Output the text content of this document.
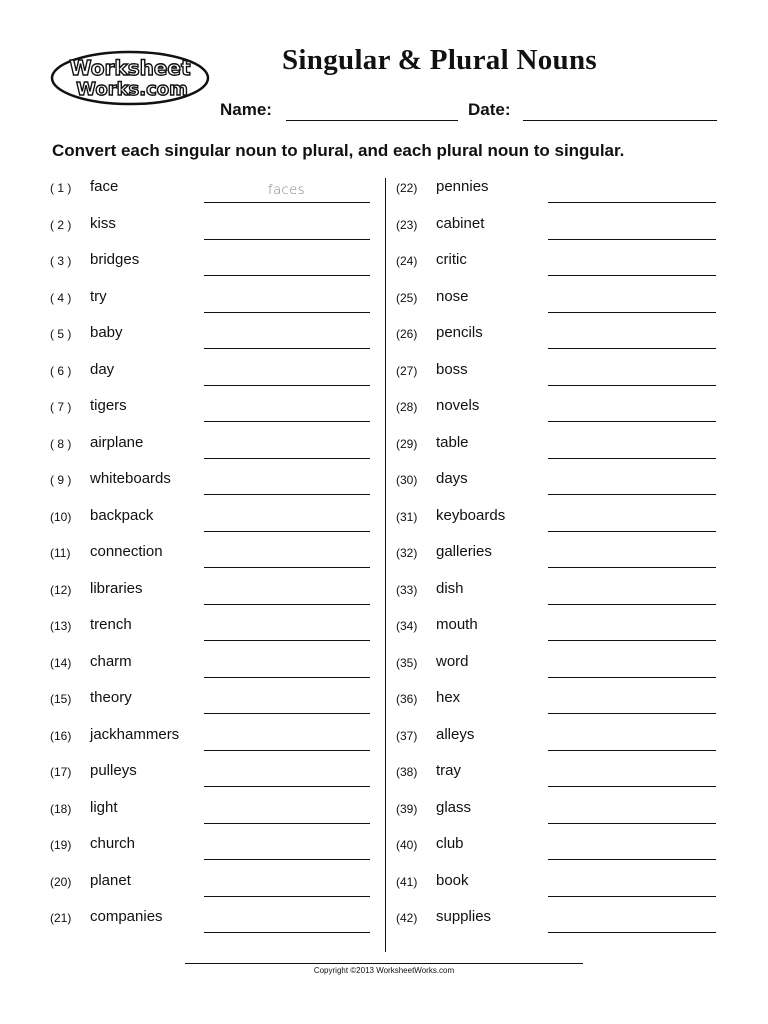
Worksheet
Works.com
Singular & Plural Nouns
Name:	Date:
Convert each singular noun to plural, and each plural noun to singular.
( 1 ) face	faces
( 2 ) kiss
( 3 ) bridges
( 4 ) try
( 5 ) baby
( 6 ) day
( 7 ) tigers
( 8 ) airplane
( 9 ) whiteboards
(10) backpack
(11) connection
(12) libraries
(13) trench
(14) charm
(15) theory
(16) jackhammers
(17) pulleys
(18) light
(19) church
(20) planet
(21) companies
(22) pennies
(23) cabinet
(24) critic
(25) nose
(26) pencils
(27) boss
(28) novels
(29) table
(30) days
(31) keyboards
(32) galleries
(33) dish
(34) mouth
(35) word
(36) hex
(37) alleys
(38) tray
(39) glass
(40) club
(41) book
(42) supplies
Copyright ©2013 WorksheetWorks.com
